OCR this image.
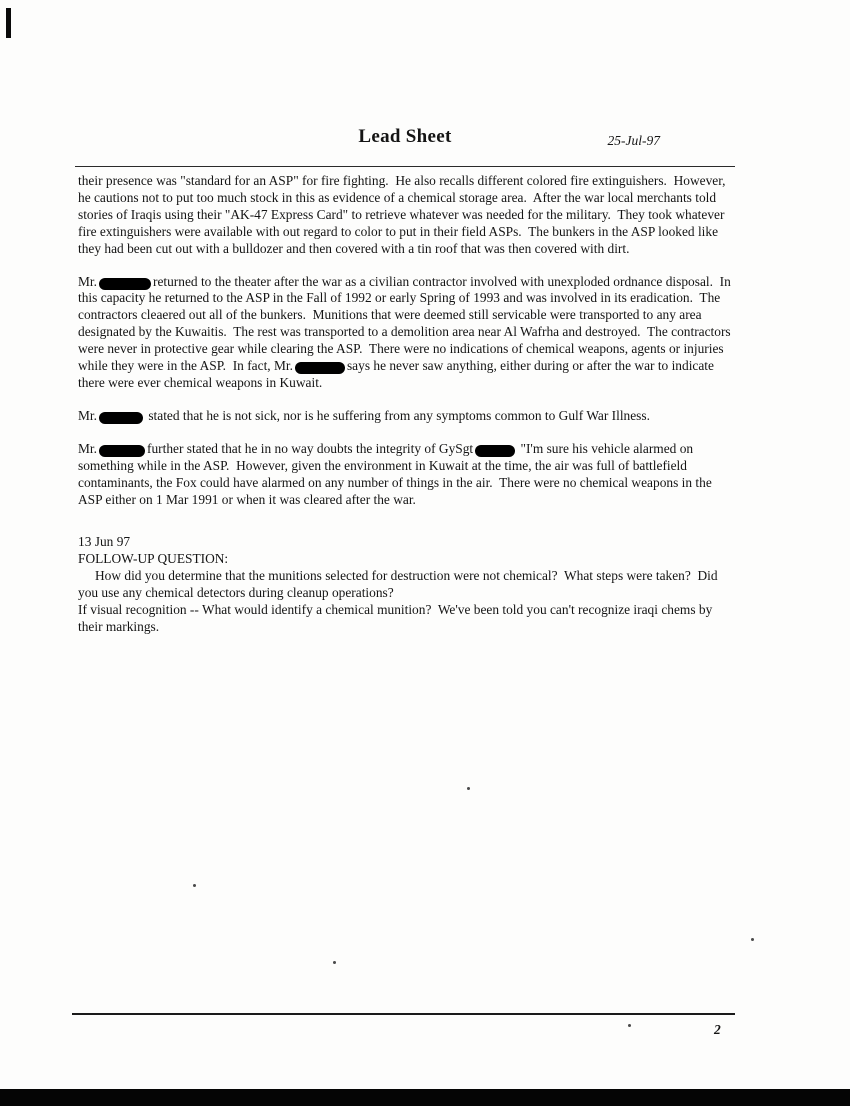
Lead Sheet	25-Jul-97

their presence was "standard for an ASP" for fire fighting.  He also recalls different colored fire extinguishers.  However, he cautions not to put too much stock in this as evidence of a chemical storage area.  After the war local merchants told stories of Iraqis using their "AK-47 Express Card" to retrieve whatever was needed for the military.  They took whatever fire extinguishers were available with out regard to color to put in their field ASPs.  The bunkers in the ASP looked like they had been cut out with a bulldozer and then covered with a tin roof that was then covered with dirt.

Mr.	returned to the theater after the war as a civilian contractor involved with unexploded ordnance disposal.  In this capacity he returned to the ASP in the Fall of 1992 or early Spring of 1993 and was involved in its eradication.  The contractors cleaered out all of the bunkers.  Munitions that were deemed still servicable were transported to any area designated by the Kuwaitis.  The rest was transported to a demolition area near Al Wafrha and destroyed.  The contractors were never in protective gear while clearing the ASP.  There were no indications of chemical weapons, agents or injuries while they were in the ASP.  In fact, Mr.	says he never saw anything, either during or after the war to indicate there were ever chemical weapons in Kuwait.

Mr.	stated that he is not sick, nor is he suffering from any symptoms common to Gulf War Illness.

Mr.	further stated that he in no way doubts the integrity of GySgt	"I'm sure his vehicle alarmed on something while in the ASP.  However, given the environment in Kuwait at the time, the air was full of battlefield contaminants, the Fox could have alarmed on any number of things in the air.  There were no chemical weapons in the ASP either on 1 Mar 1991 or when it was cleared after the war.

13 Jun 97

FOLLOW-UP QUESTION:

How did you determine that the munitions selected for destruction were not chemical?  What steps were taken?  Did you use any chemical detectors during cleanup operations?

If visual recognition -- What would identify a chemical munition?  We've been told you can't recognize iraqi chems by their markings.

2
